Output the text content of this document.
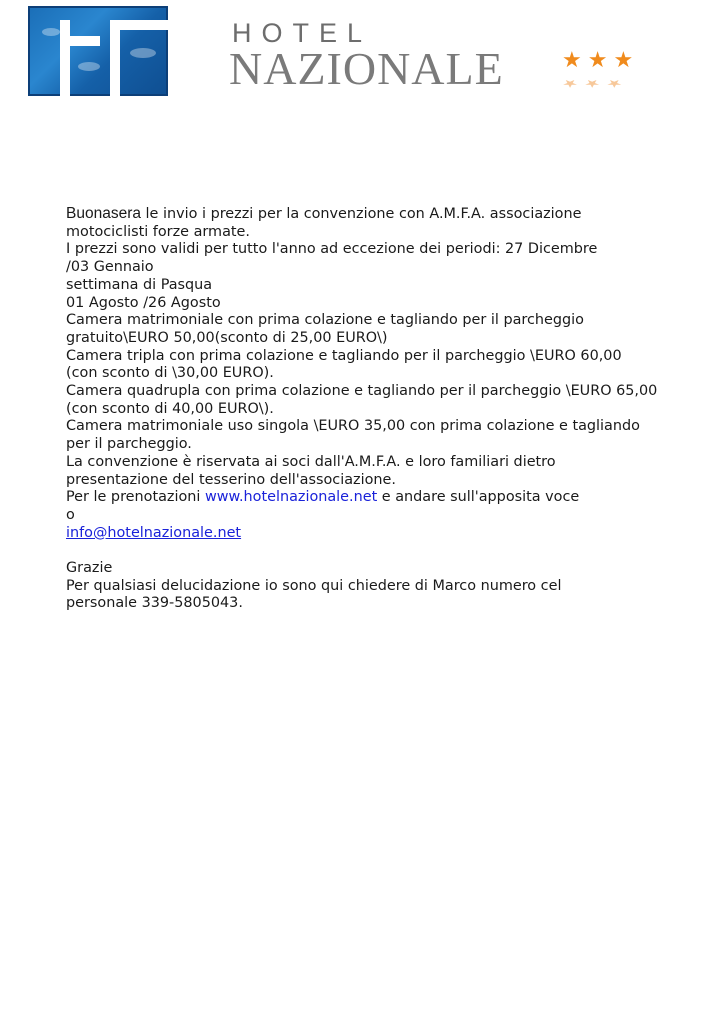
HOTEL
NAZIONALE	★ ★ ★
★ ★ ★

Buonasera le invio i prezzi per la convenzione con A.M.F.A. associazione

motociclisti forze armate.

I prezzi sono validi per tutto l'anno ad eccezione dei periodi: 27 Dicembre

/03 Gennaio

settimana di Pasqua

01 Agosto /26 Agosto

Camera matrimoniale con prima colazione e tagliando per il parcheggio

gratuito\EURO 50,00(sconto di 25,00 EURO\)

Camera tripla con prima colazione e tagliando per il parcheggio \EURO 60,00

(con sconto di \30,00 EURO).

Camera quadrupla con prima colazione e tagliando per il parcheggio \EURO 65,00

(con sconto di 40,00 EURO\).

Camera matrimoniale uso singola \EURO 35,00 con prima colazione e tagliando

per il parcheggio.

La convenzione è riservata ai soci dall'A.M.F.A. e loro familiari dietro

presentazione del tesserino dell'associazione.

Per le prenotazioni www.hotelnazionale.net e andare sull'apposita voce

o

info@hotelnazionale.net

Grazie

Per qualsiasi delucidazione io sono qui chiedere di Marco numero cel

personale 339-5805043.
